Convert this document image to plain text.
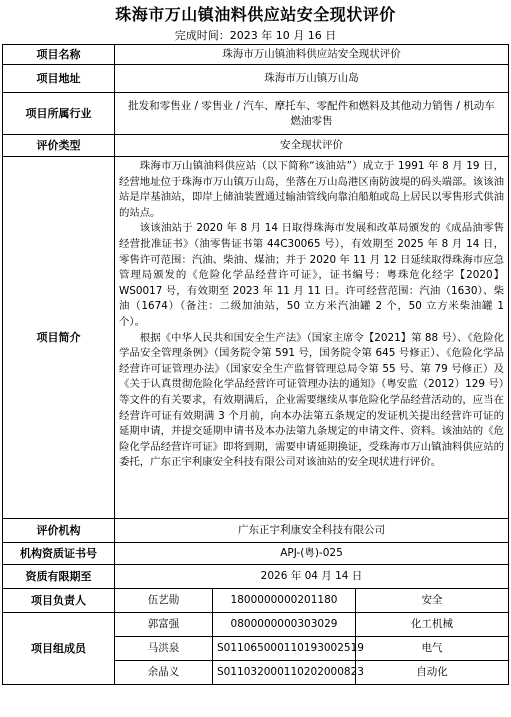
珠海市万山镇油料供应站安全现状评价
完成时间：2023 年 10 月 16 日
项目名称	珠海市万山镇油料供应站安全现状评价		
项目地址	珠海市万山镇万山岛		
项目所属行业	批发和零售业 / 零售业 / 汽车、摩托车、零配件和燃料及其他动力销售 / 机动车燃油零售		
评价类型	安全现状评价		
项目简介	珠海市万山镇油料供应站（以下简称“该油站”）成立于 1991 年 8 月 19 日，经营地址位于珠海市万山镇万山岛，坐落在万山岛港区南防波堤的码头端部。该该油站是岸基油站，即岸上储油装置通过输油管线向靠泊船舶或岛上居民以零售形式供油的站点。

该该油站于 2020 年 8 月 14 日取得珠海市发展和改革局颁发的《成品油零售经营批准证书》（油零售证书第 44C30065 号），有效期至 2025 年 8 月 14 日，零售许可范围：汽油、柴油、煤油；并于 2020 年 11 月 12 日延续取得珠海市应急管理局颁发的《危险化学品经营许可证》，证书编号：粤珠危化经字【2020】WS0017 号，有效期至 2023 年 11 月 11 日。许可经营范围：汽油（1630）、柴油（1674）（备注：二级加油站，50 立方米汽油罐 2 个，50 立方米柴油罐 1 个）。

根据《中华人民共和国安全生产法》（国家主席令【2021】第 88 号）、《危险化学品安全管理条例》（国务院令第 591 号，国务院令第 645 号修正）、《危险化学品经营许可证管理办法》（国家安全生产监督管理总局令第 55 号、第 79 号修正）及《关于认真贯彻危险化学品经营许可证管理办法的通知》（粤安监（2012）129 号）等文件的有关要求，有效期满后，企业需要继续从事危险化学品经营活动的，应当在经营许可证有效期满 3 个月前，向本办法第五条规定的发证机关提出经营许可证的延期申请，并提交延期申请书及本办法第九条规定的申请文件、资料。该油站的《危险化学品经营许可证》即将到期，需要申请延期换证，受珠海市万山镇油料供应站的委托，广东正宇利康安全科技有限公司对该油站的安全现状进行评价。		

评价机构	广东正宇利康安全科技有限公司		
机构资质证书号	APJ-(粤)-025		
资质有限期至	2026 年 04 月 14 日		
项目负责人	伍艺勋	1800000000201180	安全
项目组成员	郭富强	0800000000303029	化工机械
	马洪泉	S011065000110193002519	电气
	余晶义	S011032000110202000823	自动化
